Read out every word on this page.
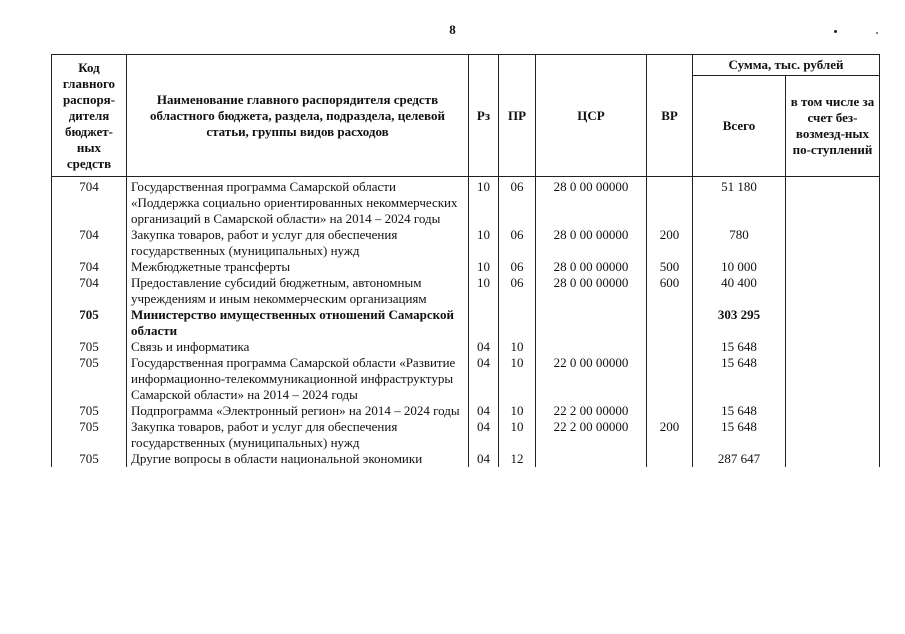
8
Код главного распоря-дителя бюджет-ных средств	Наименование главного распорядителя средств областного бюджета, раздела, подраздела, целевой статьи, группы видов расходов	Рз	ПР	ЦСР	ВР	Сумма, тыс. рублей	
						Всего	в том числе за счет без-возмезд-ных по-ступлений
704	Государственная программа Самарской области «Поддержка социально ориентированных некоммерческих организаций в Самарской области» на 2014 – 2024 годы	10	06	28 0 00 00000		51 180	
704	Закупка товаров, работ и услуг для обеспечения государственных (муниципальных) нужд	10	06	28 0 00 00000	200	780	
704	Межбюджетные трансферты	10	06	28 0 00 00000	500	10 000	
704	Предоставление субсидий бюджетным, автономным учреждениям и иным некоммерческим организациям	10	06	28 0 00 00000	600	40 400	
705	Министерство имущественных отношений Самарской области					303 295	
705	Связь и информатика	04	10			15 648	
705	Государственная программа Самарской области «Развитие информационно-телекоммуникационной инфраструктуры Самарской области» на 2014 – 2024 годы	04	10	22 0 00 00000		15 648	
705	Подпрограмма «Электронный регион» на 2014 – 2024 годы	04	10	22 2 00 00000		15 648	
705	Закупка товаров, работ и услуг для обеспечения государственных (муниципальных) нужд	04	10	22 2 00 00000	200	15 648	
705	Другие вопросы в области национальной экономики	04	12			287 647	
